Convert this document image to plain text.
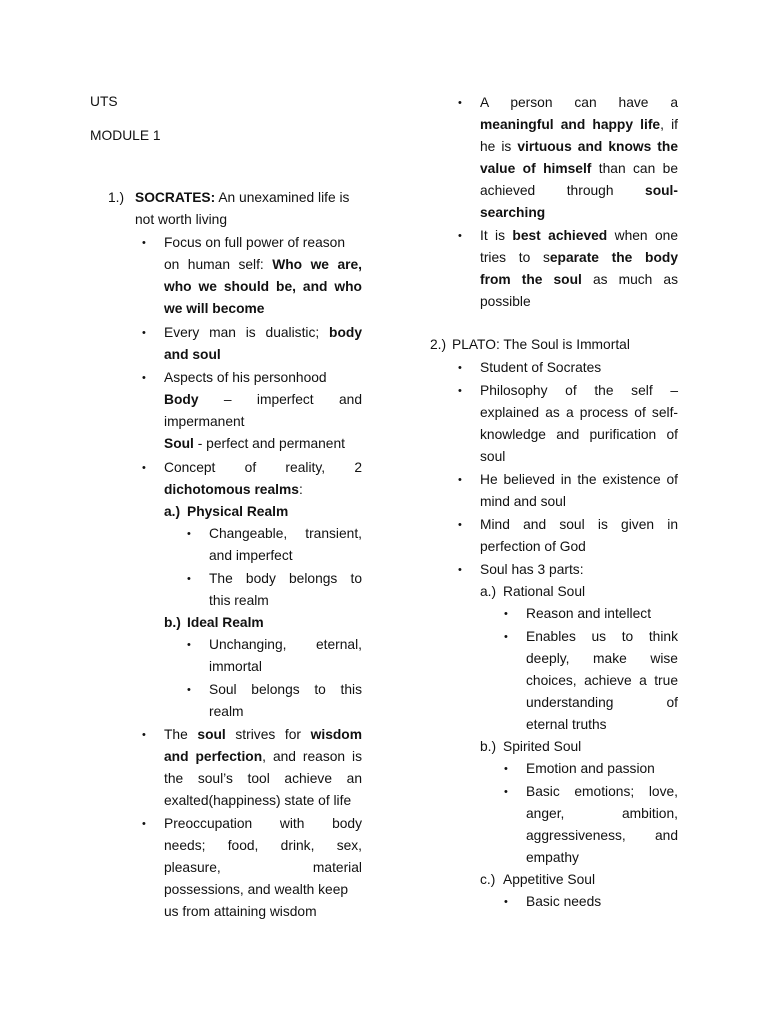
UTS
MODULE 1
1.) SOCRATES: An unexamined life is
not worth living
• Focus on full power of reason
on human self: Who we are,
who we should be, and who
we will become
• Every man is dualistic; body
and soul
• Aspects of his personhood
Body – imperfect and
impermanent
Soul - perfect and permanent
• Concept of reality, 2
dichotomous realms:
a.) Physical Realm
• Changeable, transient,
and imperfect
• The body belongs to
this realm
b.) Ideal Realm
• Unchanging, eternal,
immortal
• Soul belongs to this
realm
• The soul strives for wisdom
and perfection, and reason is
the soul’s tool achieve an
exalted(happiness) state of life
• Preoccupation with body
needs; food, drink, sex,
pleasure, material
possessions, and wealth keep
us from attaining wisdom
• A person can have a
meaningful and happy life, if
he is virtuous and knows the
value of himself than can be
achieved through soul-
searching
• It is best achieved when one
tries to separate the body
from the soul as much as
possible
2.) PLATO: The Soul is Immortal
• Student of Socrates
• Philosophy of the self –
explained as a process of self-
knowledge and purification of
soul
• He believed in the existence of
mind and soul
• Mind and soul is given in
perfection of God
• Soul has 3 parts:
a.) Rational Soul
• Reason and intellect
• Enables us to think
deeply, make wise
choices, achieve a true
understanding of
eternal truths
b.) Spirited Soul
• Emotion and passion
• Basic emotions; love,
anger, ambition,
aggressiveness, and
empathy
c.) Appetitive Soul
• Basic needs
